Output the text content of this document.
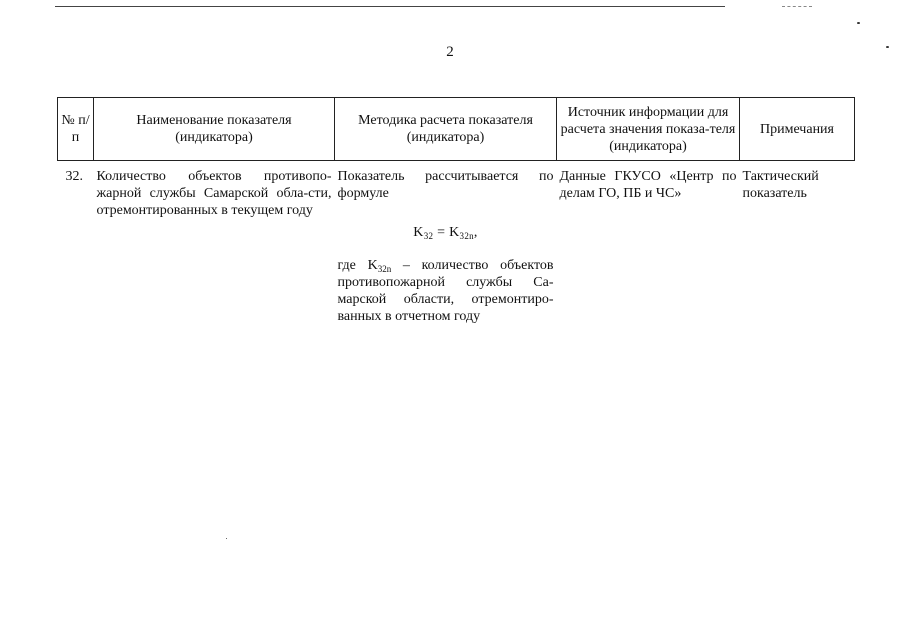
2
№ п/п	Наименование показателя (индикатора)	Методика расчета показателя (индикатора)	Источник информации для расчета значения показа-теля (индикатора)	Примечания
32.	Количество объектов противопо-жарной службы Самарской обла-сти, отремонтированных в текущем году	Показатель рассчитывается по формуле
$K_{32} = K_{32n}$,
где $K_{32n}$ – количество объектов противопожарной службы Са-марской области, отремонтиро-ванных в отчетном году	Данные ГКУСО «Центр по делам ГО, ПБ и ЧС»	Тактический показатель
